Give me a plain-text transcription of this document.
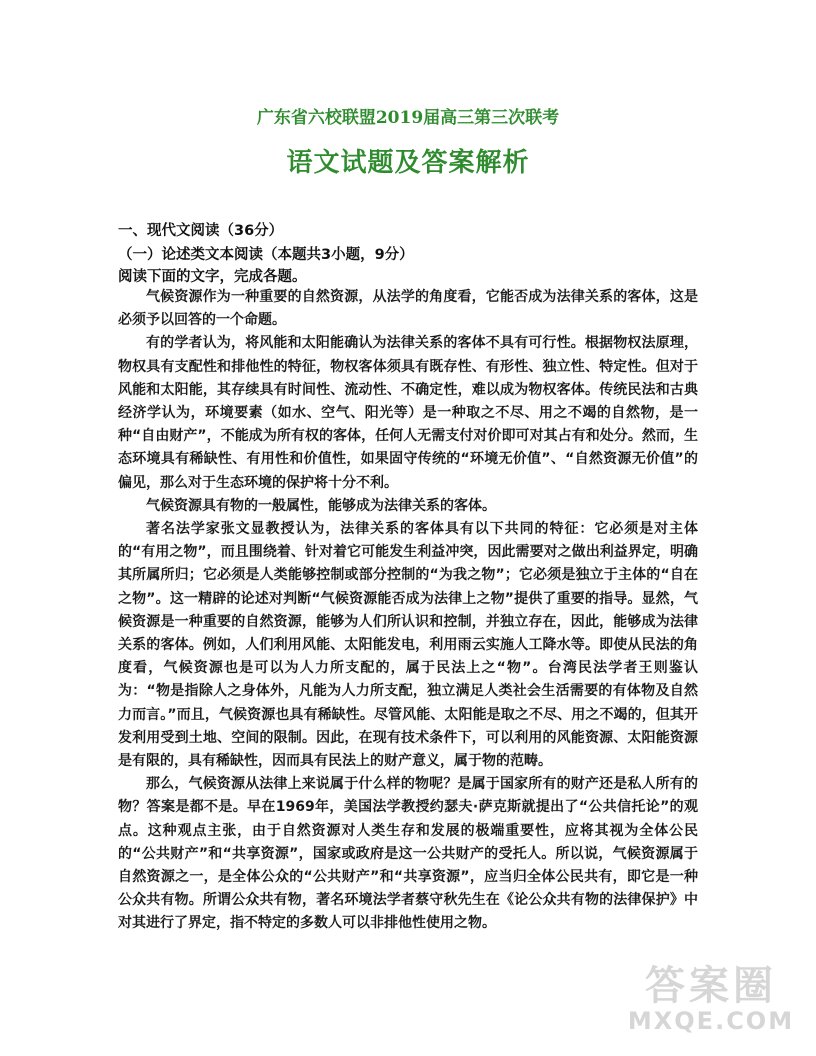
广东省六校联盟2019届高三第三次联考
语文试题及答案解析
一、现代文阅读（36分）
（一）论述类文本阅读（本题共3小题，9分）
阅读下面的文字，完成各题。

气候资源作为一种重要的自然资源，从法学的角度看，它能否成为法律关系的客体，这是必须予以回答的一个命题。

有的学者认为，将风能和太阳能确认为法律关系的客体不具有可行性。根据物权法原理，物权具有支配性和排他性的特征，物权客体须具有既存性、有形性、独立性、特定性。但对于风能和太阳能，其存续具有时间性、流动性、不确定性，难以成为物权客体。传统民法和古典经济学认为，环境要素（如水、空气、阳光等）是一种取之不尽、用之不竭的自然物，是一种“自由财产”，不能成为所有权的客体，任何人无需支付对价即可对其占有和处分。然而，生态环境具有稀缺性、有用性和价值性，如果固守传统的“环境无价值”、“自然资源无价值”的偏见，那么对于生态环境的保护将十分不利。

气候资源具有物的一般属性，能够成为法律关系的客体。

著名法学家张文显教授认为，法律关系的客体具有以下共同的特征：它必须是对主体的“有用之物”，而且围绕着、针对着它可能发生利益冲突，因此需要对之做出利益界定，明确其所属所归；它必须是人类能够控制或部分控制的“为我之物”；它必须是独立于主体的“自在之物”。这一精辟的论述对判断“气候资源能否成为法律上之物”提供了重要的指导。显然，气候资源是一种重要的自然资源，能够为人们所认识和控制，并独立存在，因此，能够成为法律关系的客体。例如，人们利用风能、太阳能发电，利用雨云实施人工降水等。即使从民法的角度看，气候资源也是可以为人力所支配的，属于民法上之“物”。台湾民法学者王则鉴认为：“物是指除人之身体外，凡能为人力所支配，独立满足人类社会生活需要的有体物及自然力而言。”而且，气候资源也具有稀缺性。尽管风能、太阳能是取之不尽、用之不竭的，但其开发利用受到土地、空间的限制。因此，在现有技术条件下，可以利用的风能资源、太阳能资源是有限的，具有稀缺性，因而具有民法上的财产意义，属于物的范畴。

那么，气候资源从法律上来说属于什么样的物呢？是属于国家所有的财产还是私人所有的物？答案是都不是。早在1969年，美国法学教授约瑟夫·萨克斯就提出了“公共信托论”的观点。这种观点主张，由于自然资源对人类生存和发展的极端重要性，应将其视为全体公民的“公共财产”和“共享资源”，国家或政府是这一公共财产的受托人。所以说，气候资源属于自然资源之一，是全体公众的“公共财产”和“共享资源”，应当归全体公民共有，即它是一种公众共有物。所谓公众共有物，著名环境法学者蔡守秋先生在《论公众共有物的法律保护》中对其进行了界定，指不特定的多数人可以非排他性使用之物。

答案圈
MXQE.COM
